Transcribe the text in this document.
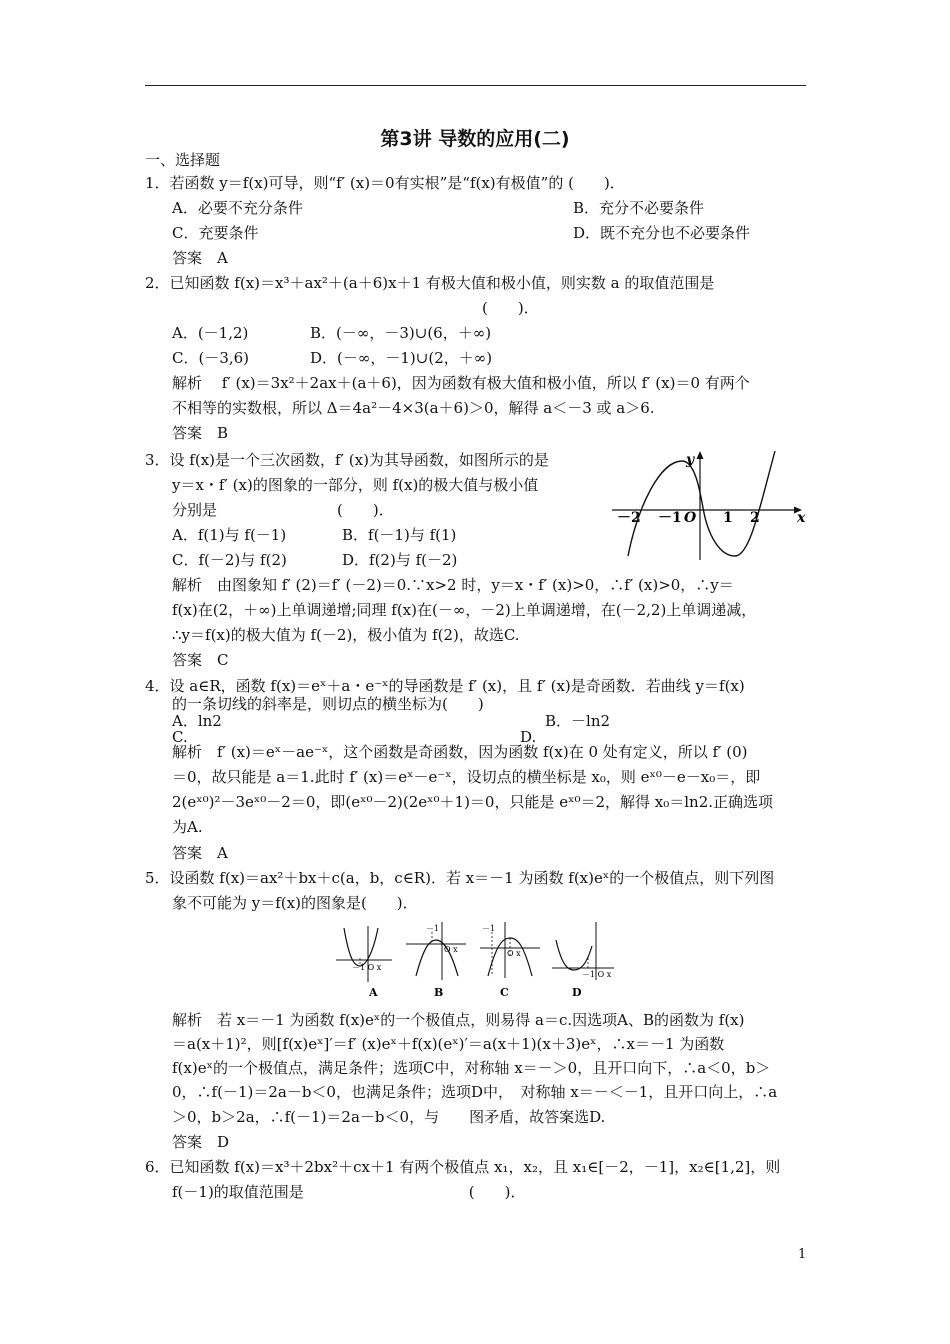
第3讲 导数的应用(二)
一、选择题
1．若函数 y＝f(x)可导，则“f′ (x)＝0有实根”是“f(x)有极值”的 (　　)．
A．必要不充分条件	B．充分不必要条件
C．充要条件	D．既不充分也不必要条件
答案　A
2．已知函数 f(x)＝x³＋ax²＋(a＋6)x＋1 有极大值和极小值，则实数 a 的取值范围是
(　　)．
A．(－1,2)	B．(－∞，－3)∪(6，＋∞)
C．(－3,6)	D．(－∞，－1)∪(2，＋∞)
解析　 f′ (x)＝3x²＋2ax＋(a＋6)，因为函数有极大值和极小值，所以 f′ (x)＝0 有两个
不相等的实数根，所以 Δ＝4a²－4×3(a＋6)＞0，解得 a＜－3 或 a＞6.
答案　B
3．设 f(x)是一个三次函数，f′ (x)为其导函数，如图所示的是
y＝x・f′ (x)的图象的一部分，则 f(x)的极大值与极小值
分别是　　　　　　　　(　　)．
A．f(1)与 f(－1)	B．f(－1)与 f(1)
C．f(－2)与 f(2)	D．f(2)与 f(－2)
y
x
－2 －1 O 1 2
解析　由图象知 f′ (2)＝f′ (－2)＝0.∵x>2 时，y＝x・f′ (x)>0，∴f′ (x)>0，∴y＝
f(x)在(2，＋∞)上单调递增;同理 f(x)在(－∞，－2)上单调递增，在(－2,2)上单调递减，
∴y＝f(x)的极大值为 f(－2)，极小值为 f(2)，故选C.
答案　C
4．设 a∈R，函数 f(x)＝eˣ＋a・e⁻ˣ的导函数是 f′ (x)，且 f′ (x)是奇函数．若曲线 y＝f(x)
的一条切线的斜率是，则切点的横坐标为(　　)
A．ln2	B．－ln2
C.	D.
解析　f′ (x)＝eˣ－ae⁻ˣ，这个函数是奇函数，因为函数 f(x)在 0 处有定义，所以 f′ (0)
＝0，故只能是 a＝1.此时 f′ (x)＝eˣ－e⁻ˣ，设切点的横坐标是 x₀，则 eˣ⁰－e－x₀＝，即
2(eˣ⁰)²－3eˣ⁰－2＝0，即(eˣ⁰－2)(2eˣ⁰＋1)＝0，只能是 eˣ⁰＝2，解得 x₀＝ln2.正确选项
为A.
答案　A
5．设函数 f(x)＝ax²＋bx＋c(a，b，c∈R)．若 x＝－1 为函数 f(x)eˣ的一个极值点，则下列图
象不可能为 y＝f(x)的图象是(　　)．
－1 O x
A
－1
O x
B
－1
O x
C
－1 O x
D
解析　若 x＝－1 为函数 f(x)eˣ的一个极值点，则易得 a＝c.因选项A、B的函数为 f(x)
＝a(x＋1)²，则[f(x)eˣ]′＝f′ (x)eˣ＋f(x)(eˣ)′＝a(x＋1)(x＋3)eˣ，∴x＝－1 为函数
f(x)eˣ的一个极值点，满足条件；选项C中，对称轴 x＝－＞0，且开口向下，∴a＜0，b＞
0，∴f(－1)＝2a－b＜0，也满足条件；选项D中，　对称轴 x＝－＜－1，且开口向上，∴a
＞0，b＞2a，∴f(－1)＝2a－b＜0，与　　图矛盾，故答案选D.
答案　D
6．已知函数 f(x)＝x³＋2bx²＋cx＋1 有两个极值点 x₁，x₂，且 x₁∈[－2，－1]，x₂∈[1,2]，则
f(－1)的取值范围是　　　　　　　　　　　(　　)．
1
